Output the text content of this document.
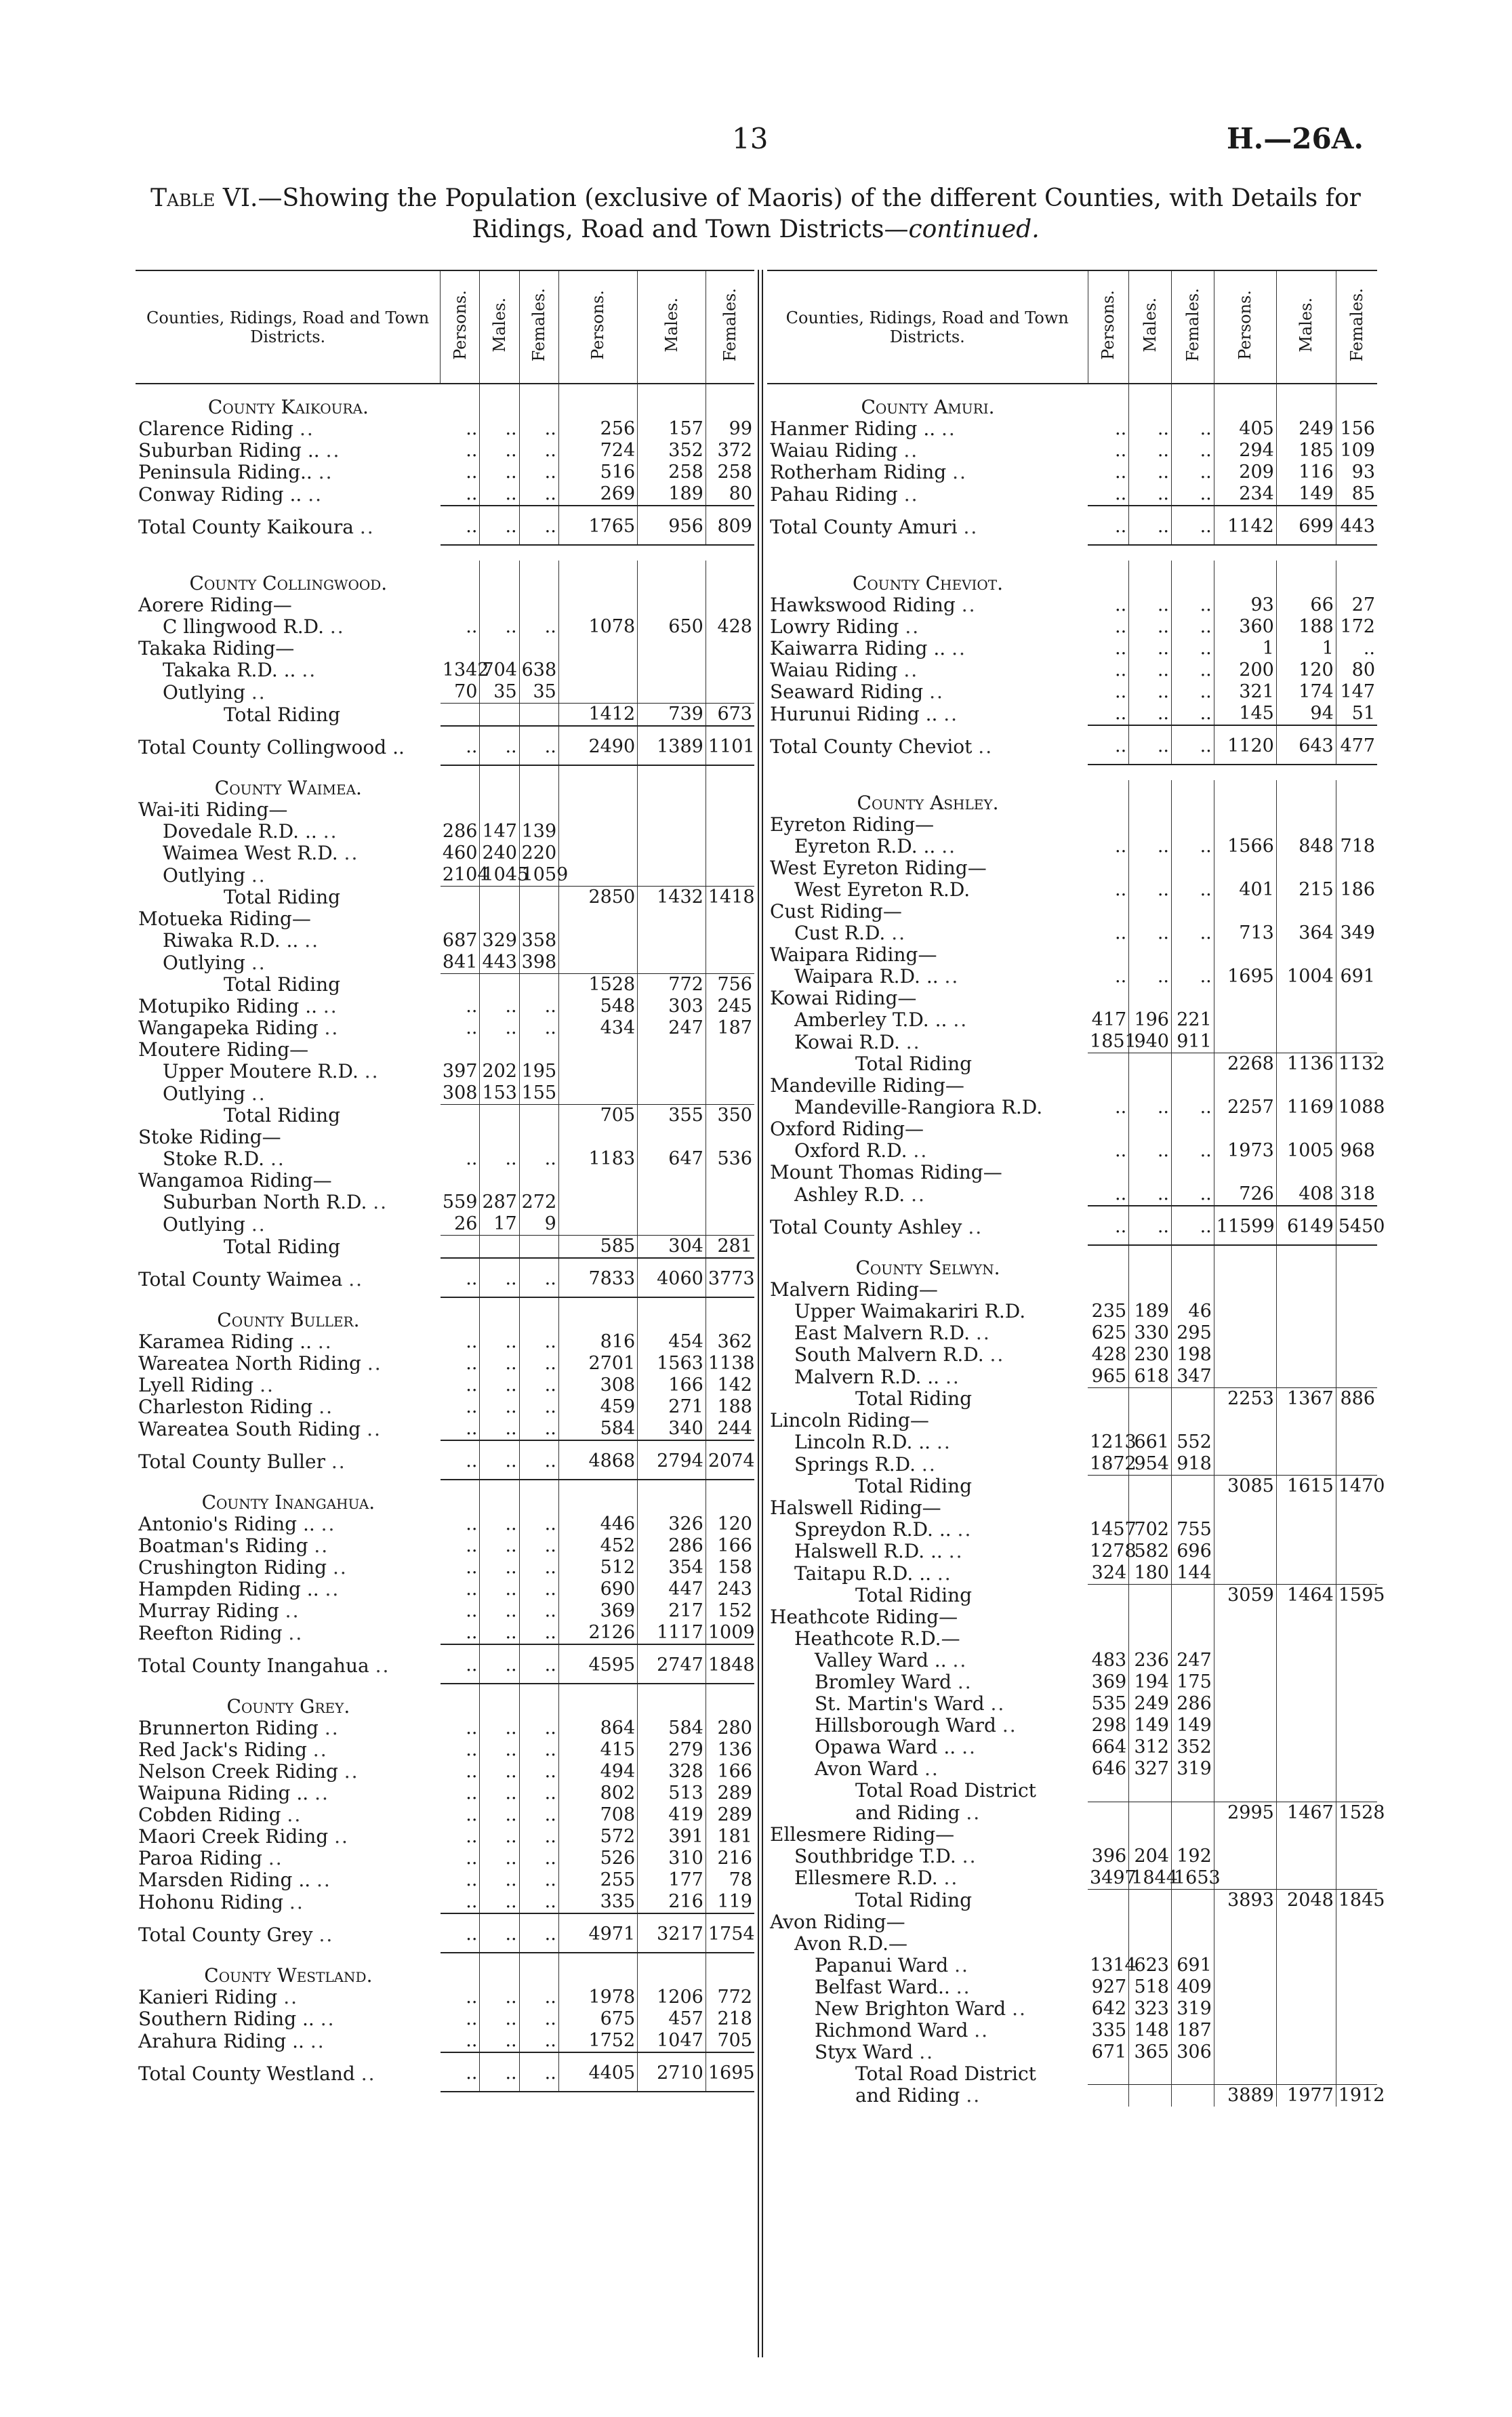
13	H.—26A.
Table VI.—Showing the Population (exclusive of Maoris) of the different Counties, with Details for Ridings, Road and Town Districts—continued.
Counties, Ridings, Road and Town Districts.	Persons.	Males.	Females.	Persons.	Males.	Females.
County Kaikoura.						
Clarence Riding ..	..	..	..	256	157	99
Suburban Riding .. ..	..	..	..	724	352	372
Peninsula Riding.. ..	..	..	..	516	258	258
Conway Riding .. ..	..	..	..	269	189	80
Total County Kaikoura ..	..	..	..	1765	956	809

County Collingwood.						
Aorere Riding—						
C llingwood R.D. ..	..	..	..	1078	650	428
Takaka Riding—						
Takaka R.D. .. ..	1342	704	638			
Outlying ..	70	35	35			
Total Riding				1412	739	673
Total County Collingwood ..	..	..	..	2490	1389	1101
County Waimea.						
Wai-iti Riding—						
Dovedale R.D. .. ..	286	147	139			
Waimea West R.D. ..	460	240	220			
Outlying ..	2104	1045	1059			
Total Riding				2850	1432	1418
Motueka Riding—						
Riwaka R.D. .. ..	687	329	358			
Outlying ..	841	443	398			
Total Riding				1528	772	756
Motupiko Riding .. ..	..	..	..	548	303	245
Wangapeka Riding ..	..	..	..	434	247	187
Moutere Riding—						
Upper Moutere R.D. ..	397	202	195			
Outlying ..	308	153	155			
Total Riding				705	355	350
Stoke Riding—						
Stoke R.D. ..	..	..	..	1183	647	536
Wangamoa Riding—						
Suburban North R.D. ..	559	287	272			
Outlying ..	26	17	9			
Total Riding				585	304	281
Total County Waimea ..	..	..	..	7833	4060	3773
County Buller.						
Karamea Riding .. ..	..	..	..	816	454	362
Wareatea North Riding ..	..	..	..	2701	1563	1138
Lyell Riding ..	..	..	..	308	166	142
Charleston Riding ..	..	..	..	459	271	188
Wareatea South Riding ..	..	..	..	584	340	244
Total County Buller ..	..	..	..	4868	2794	2074
County Inangahua.						
Antonio's Riding .. ..	..	..	..	446	326	120
Boatman's Riding ..	..	..	..	452	286	166
Crushington Riding ..	..	..	..	512	354	158
Hampden Riding .. ..	..	..	..	690	447	243
Murray Riding ..	..	..	..	369	217	152
Reefton Riding ..	..	..	..	2126	1117	1009
Total County Inangahua ..	..	..	..	4595	2747	1848
County Grey.						
Brunnerton Riding ..	..	..	..	864	584	280
Red Jack's Riding ..	..	..	..	415	279	136
Nelson Creek Riding ..	..	..	..	494	328	166
Waipuna Riding .. ..	..	..	..	802	513	289
Cobden Riding ..	..	..	..	708	419	289
Maori Creek Riding ..	..	..	..	572	391	181
Paroa Riding ..	..	..	..	526	310	216
Marsden Riding .. ..	..	..	..	255	177	78
Hohonu Riding ..	..	..	..	335	216	119
Total County Grey ..	..	..	..	4971	3217	1754
County Westland.						
Kanieri Riding ..	..	..	..	1978	1206	772
Southern Riding .. ..	..	..	..	675	457	218
Arahura Riding .. ..	..	..	..	1752	1047	705
Total County Westland ..	..	..	..	4405	2710	1695
Counties, Ridings, Road and Town Districts.	Persons.	Males.	Females.	Persons.	Males.	Females.
County Amuri.						
Hanmer Riding .. ..	..	..	..	405	249	156
Waiau Riding ..	..	..	..	294	185	109
Rotherham Riding ..	..	..	..	209	116	93
Pahau Riding ..	..	..	..	234	149	85
Total County Amuri ..	..	..	..	1142	699	443

County Cheviot.						
Hawkswood Riding ..	..	..	..	93	66	27
Lowry Riding ..	..	..	..	360	188	172
Kaiwarra Riding .. ..	..	..	..	1	1	..
Waiau Riding ..	..	..	..	200	120	80
Seaward Riding ..	..	..	..	321	174	147
Hurunui Riding .. ..	..	..	..	145	94	51
Total County Cheviot ..	..	..	..	1120	643	477

County Ashley.						
Eyreton Riding—						
Eyreton R.D. .. ..	..	..	..	1566	848	718
West Eyreton Riding—						
West Eyreton R.D.	..	..	..	401	215	186
Cust Riding—						
Cust R.D. ..	..	..	..	713	364	349
Waipara Riding—						
Waipara R.D. .. ..	..	..	..	1695	1004	691
Kowai Riding—						
Amberley T.D. .. ..	417	196	221			
Kowai R.D. ..	1851	940	911			
Total Riding				2268	1136	1132
Mandeville Riding—						
Mandeville-Rangiora R.D.	..	..	..	2257	1169	1088
Oxford Riding—						
Oxford R.D. ..	..	..	..	1973	1005	968
Mount Thomas Riding—						
Ashley R.D. ..	..	..	..	726	408	318
Total County Ashley ..	..	..	..	11599	6149	5450
County Selwyn.						
Malvern Riding—						
Upper Waimakariri R.D.	235	189	46			
East Malvern R.D. ..	625	330	295			
South Malvern R.D. ..	428	230	198			
Malvern R.D. .. ..	965	618	347			
Total Riding				2253	1367	886
Lincoln Riding—						
Lincoln R.D. .. ..	1213	661	552			
Springs R.D. ..	1872	954	918			
Total Riding				3085	1615	1470
Halswell Riding—						
Spreydon R.D. .. ..	1457	702	755			
Halswell R.D. .. ..	1278	582	696			
Taitapu R.D. .. ..	324	180	144			
Total Riding				3059	1464	1595
Heathcote Riding—						
Heathcote R.D.—						
Valley Ward .. ..	483	236	247			
Bromley Ward ..	369	194	175			
St. Martin's Ward ..	535	249	286			
Hillsborough Ward ..	298	149	149			
Opawa Ward .. ..	664	312	352			
Avon Ward ..	646	327	319			
Total Road District						
and Riding ..				2995	1467	1528
Ellesmere Riding—						
Southbridge T.D. ..	396	204	192			
Ellesmere R.D. ..	3497	1844	1653			
Total Riding				3893	2048	1845
Avon Riding—						
Avon R.D.—						
Papanui Ward ..	1314	623	691			
Belfast Ward.. ..	927	518	409			
New Brighton Ward ..	642	323	319			
Richmond Ward ..	335	148	187			
Styx Ward ..	671	365	306			
Total Road District						
and Riding ..				3889	1977	1912
